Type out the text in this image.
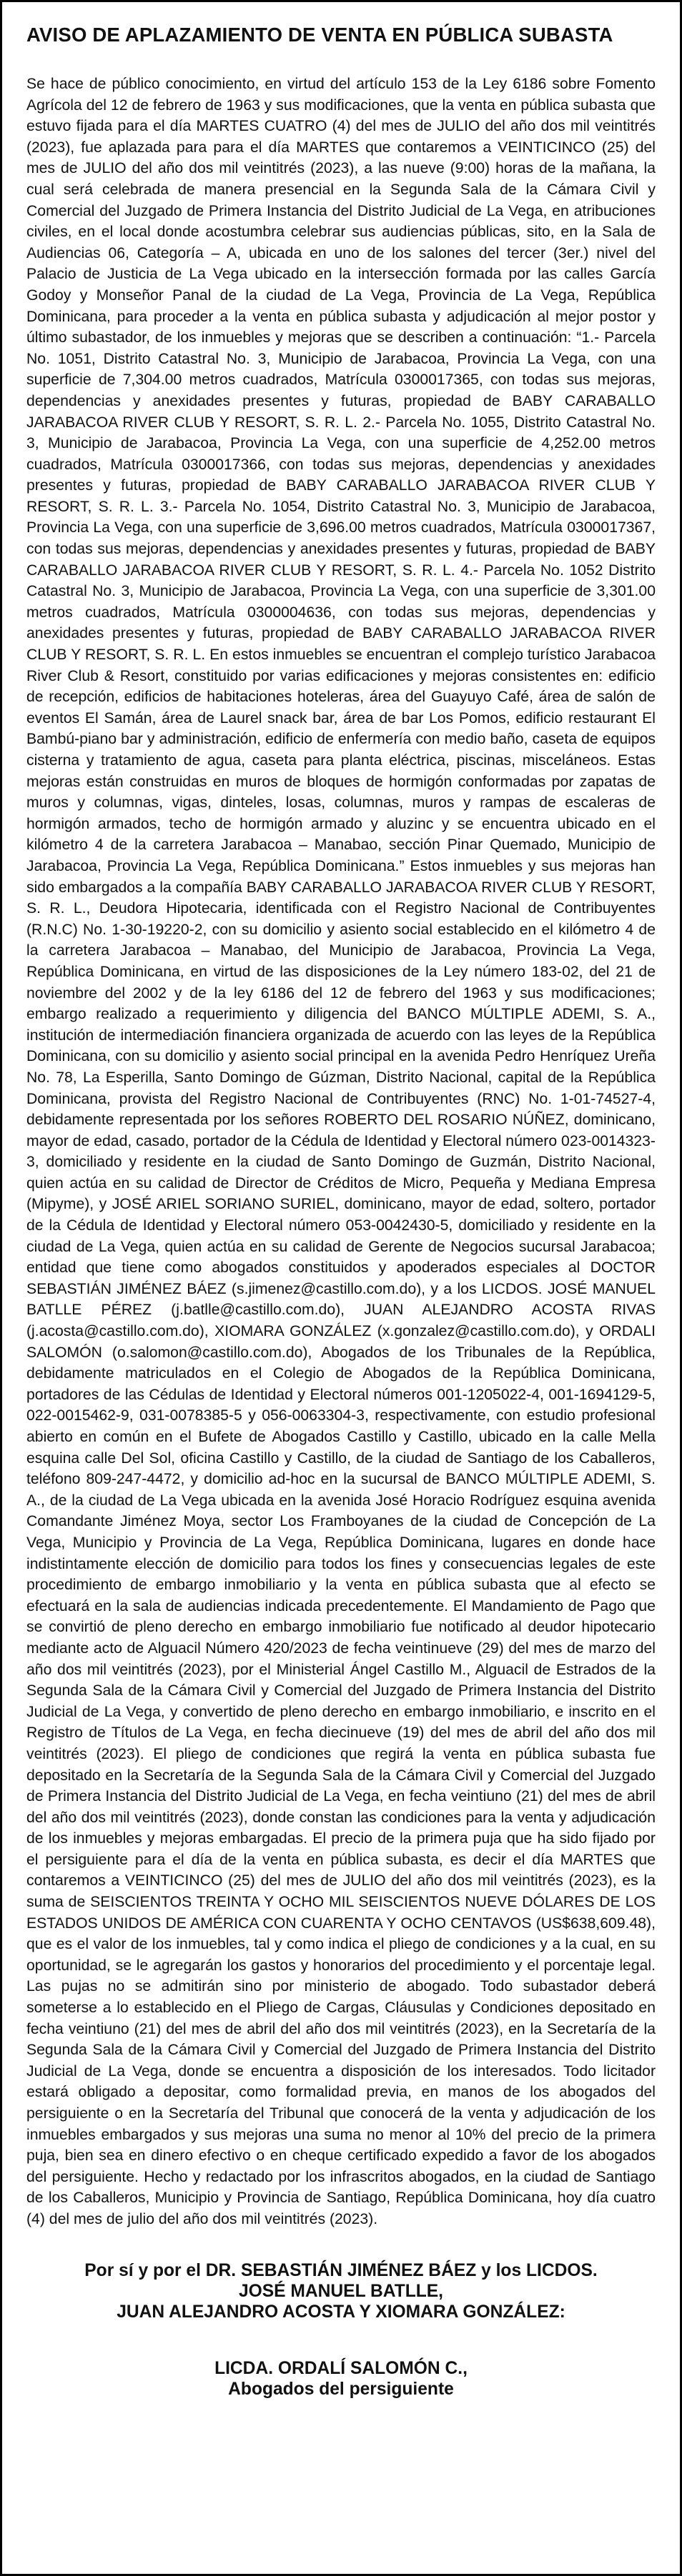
AVISO DE APLAZAMIENTO DE VENTA EN PÚBLICA SUBASTA

Se hace de público conocimiento, en virtud del artículo 153 de la Ley 6186 sobre Fomento Agrícola del 12 de febrero de 1963 y sus modificaciones, que la venta en pública subasta que estuvo fijada para el día MARTES CUATRO (4) del mes de JULIO del año dos mil veintitrés (2023), fue aplazada para para el día MARTES que contaremos a VEINTICINCO (25) del mes de JULIO del año dos mil veintitrés (2023), a las nueve (9:00) horas de la mañana, la cual será celebrada de manera presencial en la Segunda Sala de la Cámara Civil y Comercial del Juzgado de Primera Instancia del Distrito Judicial de La Vega, en atribuciones civiles, en el local donde acostumbra celebrar sus audiencias públicas, sito, en la Sala de Audiencias 06, Categoría – A, ubicada en uno de los salones del tercer (3er.) nivel del Palacio de Justicia de La Vega ubicado en la intersección formada por las calles García Godoy y Monseñor Panal de la ciudad de La Vega, Provincia de La Vega, República Dominicana, para proceder a la venta en pública subasta y adjudicación al mejor postor y último subastador, de los inmuebles y mejoras que se describen a continuación: “1.- Parcela No. 1051, Distrito Catastral No. 3, Municipio de Jarabacoa, Provincia La Vega, con una superficie de 7,304.00 metros cuadrados, Matrícula 0300017365, con todas sus mejoras, dependencias y anexidades presentes y futuras, propiedad de BABY CARABALLO JARABACOA RIVER CLUB Y RESORT, S. R. L. 2.- Parcela No. 1055, Distrito Catastral No. 3, Municipio de Jarabacoa, Provincia La Vega, con una superficie de 4,252.00 metros cuadrados, Matrícula 0300017366, con todas sus mejoras, dependencias y anexidades presentes y futuras, propiedad de BABY CARABALLO JARABACOA RIVER CLUB Y RESORT, S. R. L. 3.- Parcela No. 1054, Distrito Catastral No. 3, Municipio de Jarabacoa, Provincia La Vega, con una superficie de 3,696.00 metros cuadrados, Matrícula 0300017367, con todas sus mejoras, dependencias y anexidades presentes y futuras, propiedad de BABY CARABALLO JARABACOA RIVER CLUB Y RESORT, S. R. L. 4.- Parcela No. 1052 Distrito Catastral No. 3, Municipio de Jarabacoa, Provincia La Vega, con una superficie de 3,301.00 metros cuadrados, Matrícula 0300004636, con todas sus mejoras, dependencias y anexidades presentes y futuras, propiedad de BABY CARABALLO JARABACOA RIVER CLUB Y RESORT, S. R. L. En estos inmuebles se encuentran el complejo turístico Jarabacoa River Club & Resort, constituido por varias edificaciones y mejoras consistentes en: edificio de recepción, edificios de habitaciones hoteleras, área del Guayuyo Café, área de salón de eventos El Samán, área de Laurel snack bar, área de bar Los Pomos, edificio restaurant El Bambú-piano bar y administración, edificio de enfermería con medio baño, caseta de equipos cisterna y tratamiento de agua, caseta para planta eléctrica, piscinas, misceláneos. Estas mejoras están construidas en muros de bloques de hormigón conformadas por zapatas de muros y columnas, vigas, dinteles, losas, columnas, muros y rampas de escaleras de hormigón armados, techo de hormigón armado y aluzinc y se encuentra ubicado en el kilómetro 4 de la carretera Jarabacoa – Manabao, sección Pinar Quemado, Municipio de Jarabacoa, Provincia La Vega, República Dominicana.” Estos inmuebles y sus mejoras han sido embargados a la compañía BABY CARABALLO JARABACOA RIVER CLUB Y RESORT, S. R. L., Deudora Hipotecaria, identificada con el Registro Nacional de Contribuyentes (R.N.C) No. 1-30-19220-2, con su domicilio y asiento social establecido en el kilómetro 4 de la carretera Jarabacoa – Manabao, del Municipio de Jarabacoa, Provincia La Vega, República Dominicana, en virtud de las disposiciones de la Ley número 183-02, del 21 de noviembre del 2002 y de la ley 6186 del 12 de febrero del 1963 y sus modificaciones; embargo realizado a requerimiento y diligencia del BANCO MÚLTIPLE ADEMI, S. A., institución de intermediación financiera organizada de acuerdo con las leyes de la República Dominicana, con su domicilio y asiento social principal en la avenida Pedro Henríquez Ureña No. 78, La Esperilla, Santo Domingo de Gúzman, Distrito Nacional, capital de la República Dominicana, provista del Registro Nacional de Contribuyentes (RNC) No. 1-01-74527-4, debidamente representada por los señores ROBERTO DEL ROSARIO NÚÑEZ, dominicano, mayor de edad, casado, portador de la Cédula de Identidad y Electoral número 023-0014323-3, domiciliado y residente en la ciudad de Santo Domingo de Guzmán, Distrito Nacional, quien actúa en su calidad de Director de Créditos de Micro, Pequeña y Mediana Empresa (Mipyme), y JOSÉ ARIEL SORIANO SURIEL, dominicano, mayor de edad, soltero, portador de la Cédula de Identidad y Electoral número 053-0042430-5, domiciliado y residente en la ciudad de La Vega, quien actúa en su calidad de Gerente de Negocios sucursal Jarabacoa; entidad que tiene como abogados constituidos y apoderados especiales al DOCTOR SEBASTIÁN JIMÉNEZ BÁEZ (s.jimenez@castillo.com.do), y a los LICDOS. JOSÉ MANUEL BATLLE PÉREZ (j.batlle@castillo.com.do), JUAN ALEJANDRO ACOSTA RIVAS (j.acosta@castillo.com.do), XIOMARA GONZÁLEZ (x.gonzalez@castillo.com.do), y ORDALI SALOMÓN (o.salomon@castillo.com.do), Abogados de los Tribunales de la República, debidamente matriculados en el Colegio de Abogados de la República Dominicana, portadores de las Cédulas de Identidad y Electoral números 001-1205022-4, 001-1694129-5, 022-0015462-9, 031-0078385-5 y 056-0063304-3, respectivamente, con estudio profesional abierto en común en el Bufete de Abogados Castillo y Castillo, ubicado en la calle Mella esquina calle Del Sol, oficina Castillo y Castillo, de la ciudad de Santiago de los Caballeros, teléfono 809-247-4472, y domicilio ad-hoc en la sucursal de BANCO MÚLTIPLE ADEMI, S. A., de la ciudad de La Vega ubicada en la avenida José Horacio Rodríguez esquina avenida Comandante Jiménez Moya, sector Los Framboyanes de la ciudad de Concepción de La Vega, Municipio y Provincia de La Vega, República Dominicana, lugares en donde hace indistintamente elección de domicilio para todos los fines y consecuencias legales de este procedimiento de embargo inmobiliario y la venta en pública subasta que al efecto se efectuará en la sala de audiencias indicada precedentemente. El Mandamiento de Pago que se convirtió de pleno derecho en embargo inmobiliario fue notificado al deudor hipotecario mediante acto de Alguacil Número 420/2023 de fecha veintinueve (29) del mes de marzo del año dos mil veintitrés (2023), por el Ministerial Ángel Castillo M., Alguacil de Estrados de la Segunda Sala de la Cámara Civil y Comercial del Juzgado de Primera Instancia del Distrito Judicial de La Vega, y convertido de pleno derecho en embargo inmobiliario, e inscrito en el Registro de Títulos de La Vega, en fecha diecinueve (19) del mes de abril del año dos mil veintitrés (2023). El pliego de condiciones que regirá la venta en pública subasta fue depositado en la Secretaría de la Segunda Sala de la Cámara Civil y Comercial del Juzgado de Primera Instancia del Distrito Judicial de La Vega, en fecha veintiuno (21) del mes de abril del año dos mil veintitrés (2023), donde constan las condiciones para la venta y adjudicación de los inmuebles y mejoras embargadas. El precio de la primera puja que ha sido fijado por el persiguiente para el día de la venta en pública subasta, es decir el día MARTES que contaremos a VEINTICINCO (25) del mes de JULIO del año dos mil veintitrés (2023), es la suma de SEISCIENTOS TREINTA Y OCHO MIL SEISCIENTOS NUEVE DÓLARES DE LOS ESTADOS UNIDOS DE AMÉRICA CON CUARENTA Y OCHO CENTAVOS (US$638,609.48), que es el valor de los inmuebles, tal y como indica el pliego de condiciones y a la cual, en su oportunidad, se le agregarán los gastos y honorarios del procedimiento y el porcentaje legal. Las pujas no se admitirán sino por ministerio de abogado. Todo subastador deberá someterse a lo establecido en el Pliego de Cargas, Cláusulas y Condiciones depositado en fecha veintiuno (21) del mes de abril del año dos mil veintitrés (2023), en la Secretaría de la Segunda Sala de la Cámara Civil y Comercial del Juzgado de Primera Instancia del Distrito Judicial de La Vega, donde se encuentra a disposición de los interesados. Todo licitador estará obligado a depositar, como formalidad previa, en manos de los abogados del persiguiente o en la Secretaría del Tribunal que conocerá de la venta y adjudicación de los inmuebles embargados y sus mejoras una suma no menor al 10% del precio de la primera puja, bien sea en dinero efectivo o en cheque certificado expedido a favor de los abogados del persiguiente. Hecho y redactado por los infrascritos abogados, en la ciudad de Santiago de los Caballeros, Municipio y Provincia de Santiago, República Dominicana, hoy día cuatro (4) del mes de julio del año dos mil veintitrés (2023).

Por sí y por el DR. SEBASTIÁN JIMÉNEZ BÁEZ y los LICDOS.

JOSÉ MANUEL BATLLE,

JUAN ALEJANDRO ACOSTA Y XIOMARA GONZÁLEZ:

LICDA. ORDALÍ SALOMÓN C.,

Abogados del persiguiente
